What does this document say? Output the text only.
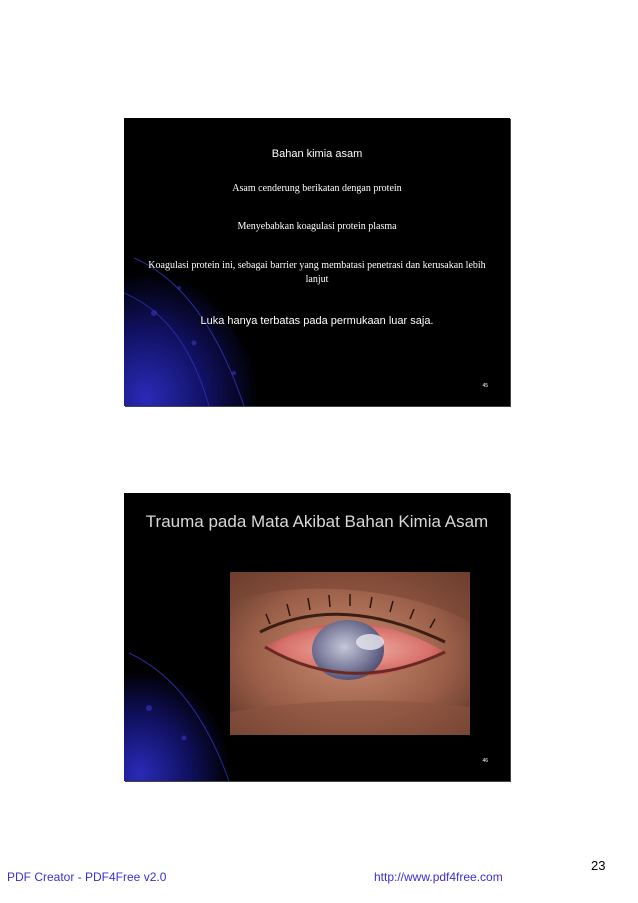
Bahan kimia asam
Asam cenderung berikatan dengan protein
Menyebabkan koagulasi protein plasma
Koagulasi protein ini, sebagai barrier yang membatasi penetrasi dan kerusakan lebih lanjut
Luka hanya terbatas pada permukaan luar saja.
45
Trauma pada Mata Akibat Bahan Kimia Asam
46
PDF Creator - PDF4Free v2.0	http://www.pdf4free.com
23
